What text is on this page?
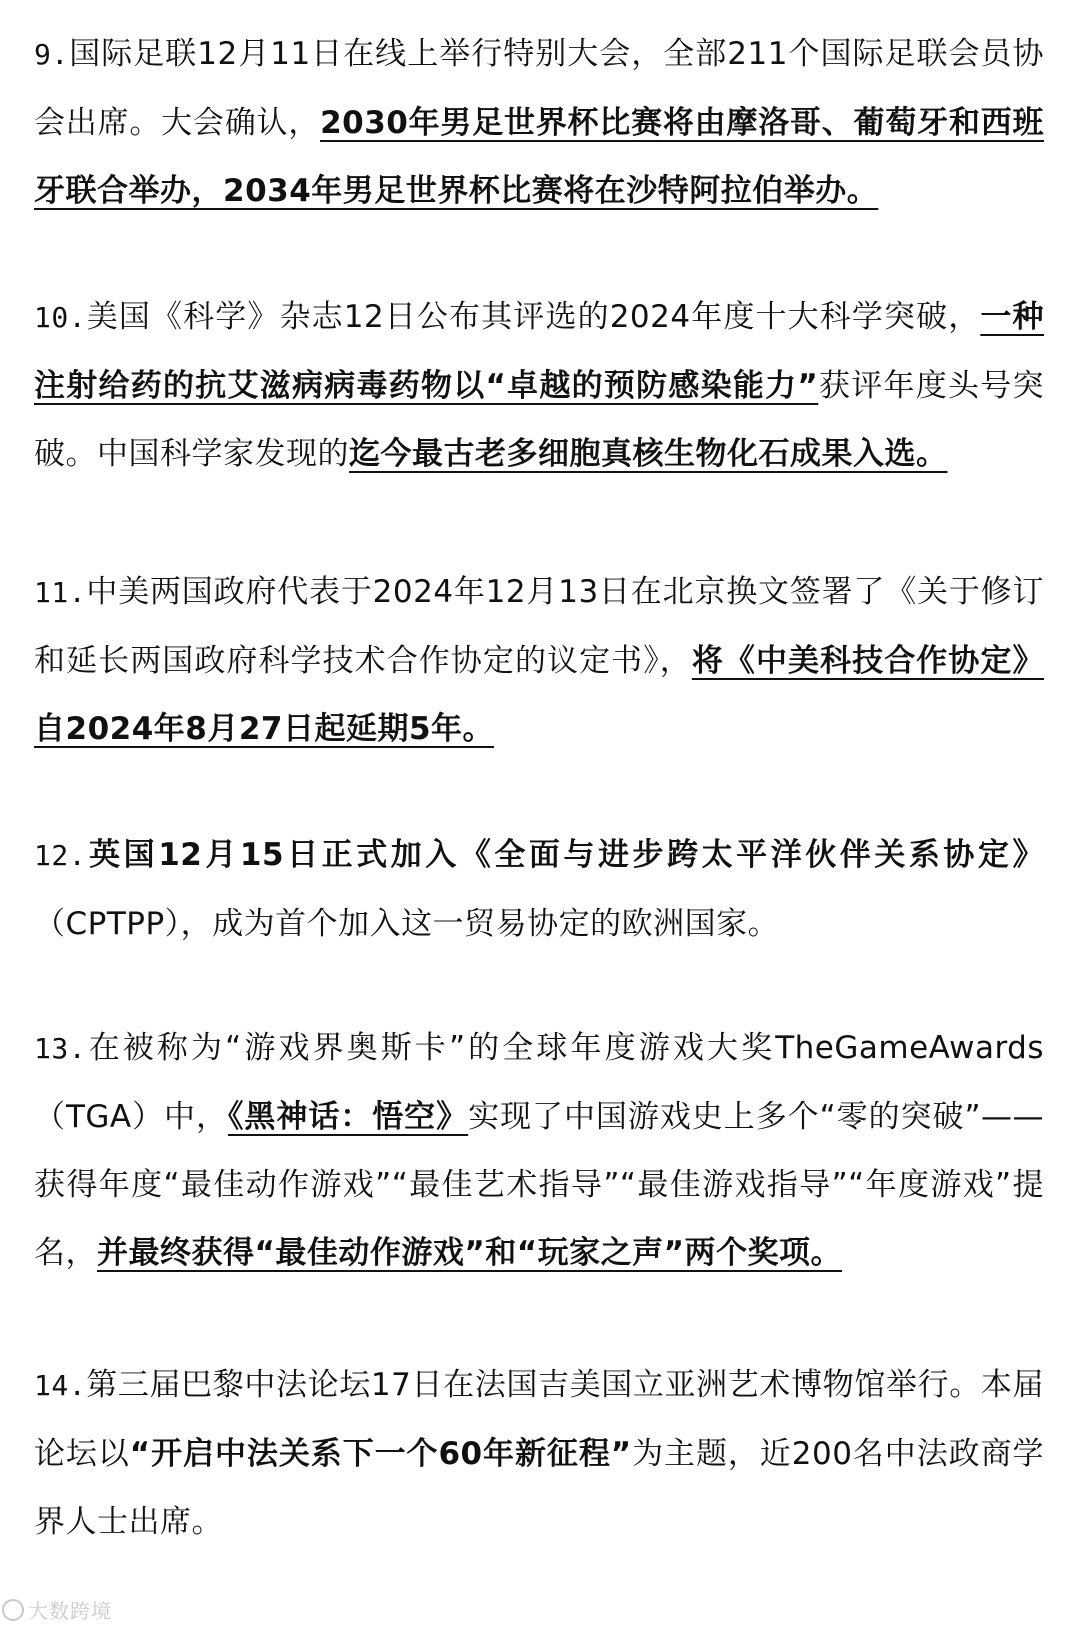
9.国际足联12月11日在线上举行特别大会，全部211个国际足联会员协会出席。大会确认，2030年男足世界杯比赛将由摩洛哥、葡萄牙和西班牙联合举办，2034年男足世界杯比赛将在沙特阿拉伯举办。

10.美国《科学》杂志12日公布其评选的2024年度十大科学突破，一种注射给药的抗艾滋病病毒药物以“卓越的预防感染能力”获评年度头号突破。中国科学家发现的迄今最古老多细胞真核生物化石成果入选。

11.中美两国政府代表于2024年12月13日在北京换文签署了《关于修订和延长两国政府科学技术合作协定的议定书》，将《中美科技合作协定》自2024年8月27日起延期5年。

12.英国12月15日正式加入《全面与进步跨太平洋伙伴关系协定》（CPTPP），成为首个加入这一贸易协定的欧洲国家。

13.在被称为“游戏界奥斯卡”的全球年度游戏大奖TheGameAwards（TGA）中，《黑神话：悟空》实现了中国游戏史上多个“零的突破”——获得年度“最佳动作游戏”“最佳艺术指导”“最佳游戏指导”“年度游戏”提名，并最终获得“最佳动作游戏”和“玩家之声”两个奖项。

14.第三届巴黎中法论坛17日在法国吉美国立亚洲艺术博物馆举行。本届论坛以“开启中法关系下一个60年新征程”为主题，近200名中法政商学界人士出席。

大数跨境
